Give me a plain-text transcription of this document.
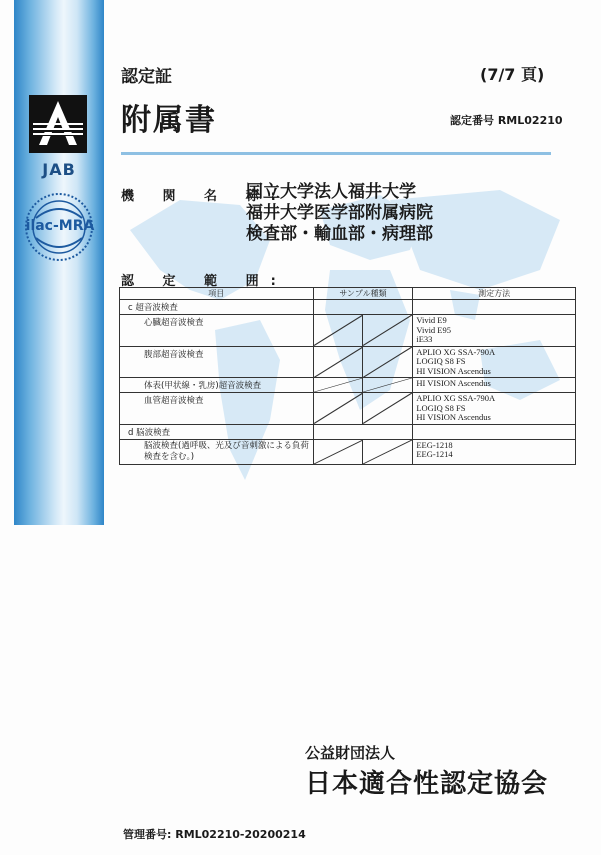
JAB
ilac-MRA
認定証	(7/7 頁)
附属書	認定番号 RML02210
機 関 名 称:
国立大学法人福井大学
福井大学医学部附属病院
検査部・輸血部・病理部
認 定 範 囲:
項目	サンプル種類		測定方法
c 超音波検査			
心臓超音波検査			Vivid E9
Vivid E95
iE33
腹部超音波検査			APLIO XG SSA-790A
LOGIQ S8 FS
HI VISION Ascendus
体表(甲状線・乳房)超音波検査			HI VISION Ascendus
血管超音波検査			APLIO XG SSA-790A
LOGIQ S8 FS
HI VISION Ascendus
d 脳波検査			
脳波検査(過呼吸、光及び音刺激による負荷検査を含む。)			EEG-1218
EEG-1214
公益財団法人
日本適合性認定協会
管理番号: RML02210-20200214
